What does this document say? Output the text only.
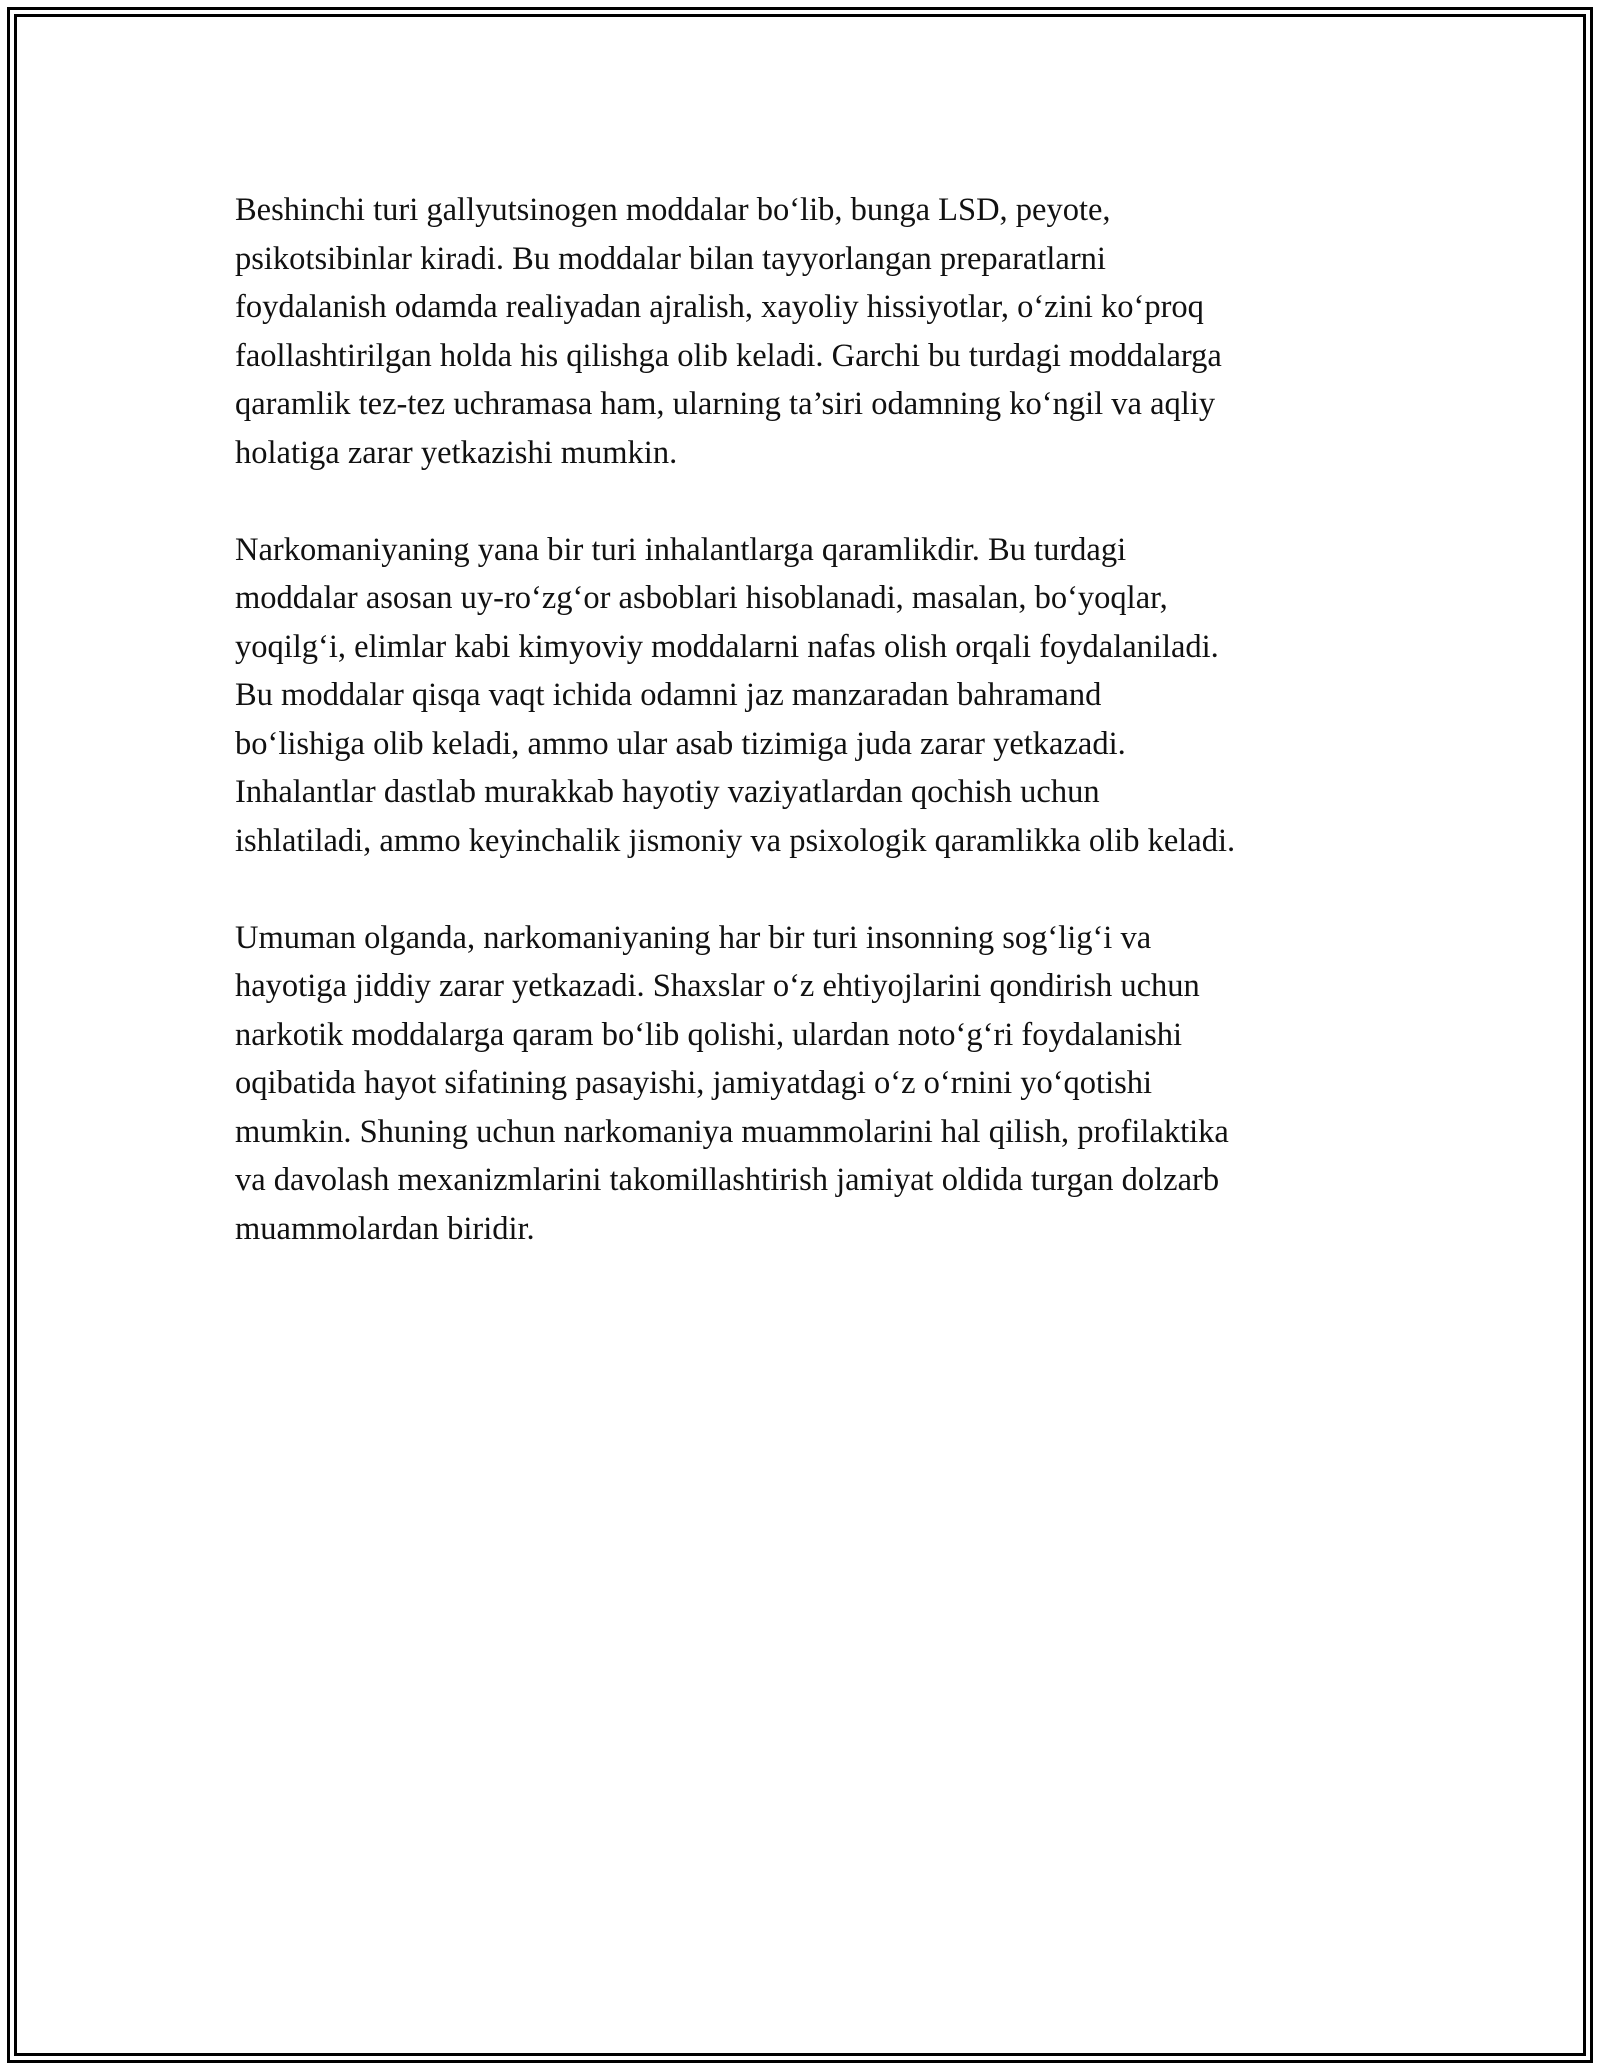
Beshinchi turi gallyutsinogen moddalar bo‘lib, bunga LSD, peyote,
psikotsibinlar kiradi. Bu moddalar bilan tayyorlangan preparatlarni
foydalanish odamda realiyadan ajralish, xayoliy hissiyotlar, o‘zini ko‘proq
faollashtirilgan holda his qilishga olib keladi. Garchi bu turdagi moddalarga
qaramlik tez-tez uchramasa ham, ularning ta’siri odamning ko‘ngil va aqliy
holatiga zarar yetkazishi mumkin.

Narkomaniyaning yana bir turi inhalantlarga qaramlikdir. Bu turdagi
moddalar asosan uy-ro‘zg‘or asboblari hisoblanadi, masalan, bo‘yoqlar,
yoqilg‘i, elimlar kabi kimyoviy moddalarni nafas olish orqali foydalaniladi.
Bu moddalar qisqa vaqt ichida odamni jaz manzaradan bahramand
bo‘lishiga olib keladi, ammo ular asab tizimiga juda zarar yetkazadi.
Inhalantlar dastlab murakkab hayotiy vaziyatlardan qochish uchun
ishlatiladi, ammo keyinchalik jismoniy va psixologik qaramlikka olib keladi.

Umuman olganda, narkomaniyaning har bir turi insonning sog‘lig‘i va
hayotiga jiddiy zarar yetkazadi. Shaxslar o‘z ehtiyojlarini qondirish uchun
narkotik moddalarga qaram bo‘lib qolishi, ulardan noto‘g‘ri foydalanishi
oqibatida hayot sifatining pasayishi, jamiyatdagi o‘z o‘rnini yo‘qotishi
mumkin. Shuning uchun narkomaniya muammolarini hal qilish, profilaktika
va davolash mexanizmlarini takomillashtirish jamiyat oldida turgan dolzarb
muammolardan biridir.
